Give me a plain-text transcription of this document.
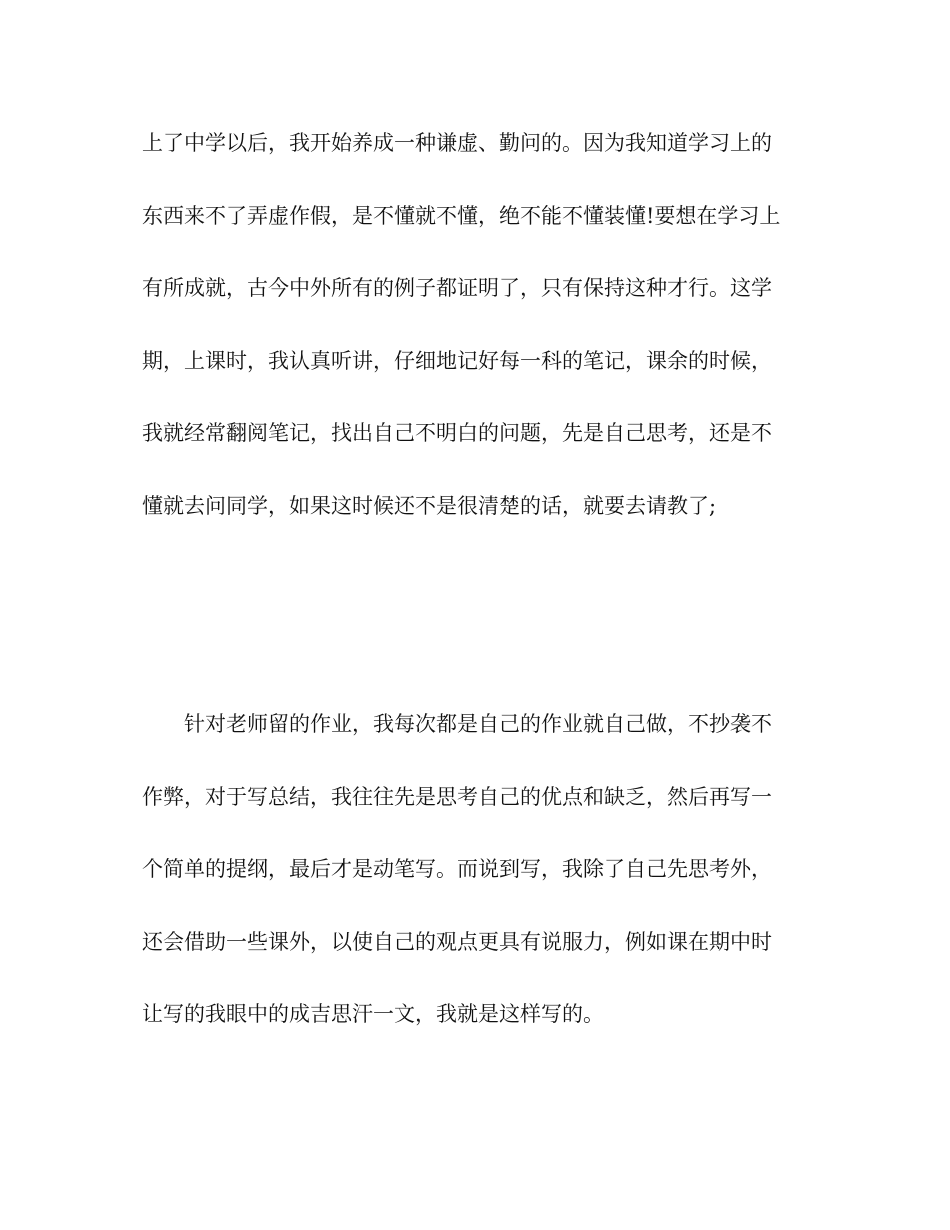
上了中学以后，我开始养成一种谦虚、勤问的。因为我知道学习上的
东西来不了弄虚作假，是不懂就不懂，绝不能不懂装懂!要想在学习上
有所成就，古今中外所有的例子都证明了，只有保持这种才行。这学
期，上课时，我认真听讲，仔细地记好每一科的笔记，课余的时候，
我就经常翻阅笔记，找出自己不明白的问题，先是自己思考，还是不
懂就去问同学，如果这时候还不是很清楚的话，就要去请教了;
针对老师留的作业，我每次都是自己的作业就自己做，不抄袭不
作弊，对于写总结，我往往先是思考自己的优点和缺乏，然后再写一
个简单的提纲，最后才是动笔写。而说到写，我除了自己先思考外，
还会借助一些课外，以使自己的观点更具有说服力，例如课在期中时
让写的我眼中的成吉思汗一文，我就是这样写的。
